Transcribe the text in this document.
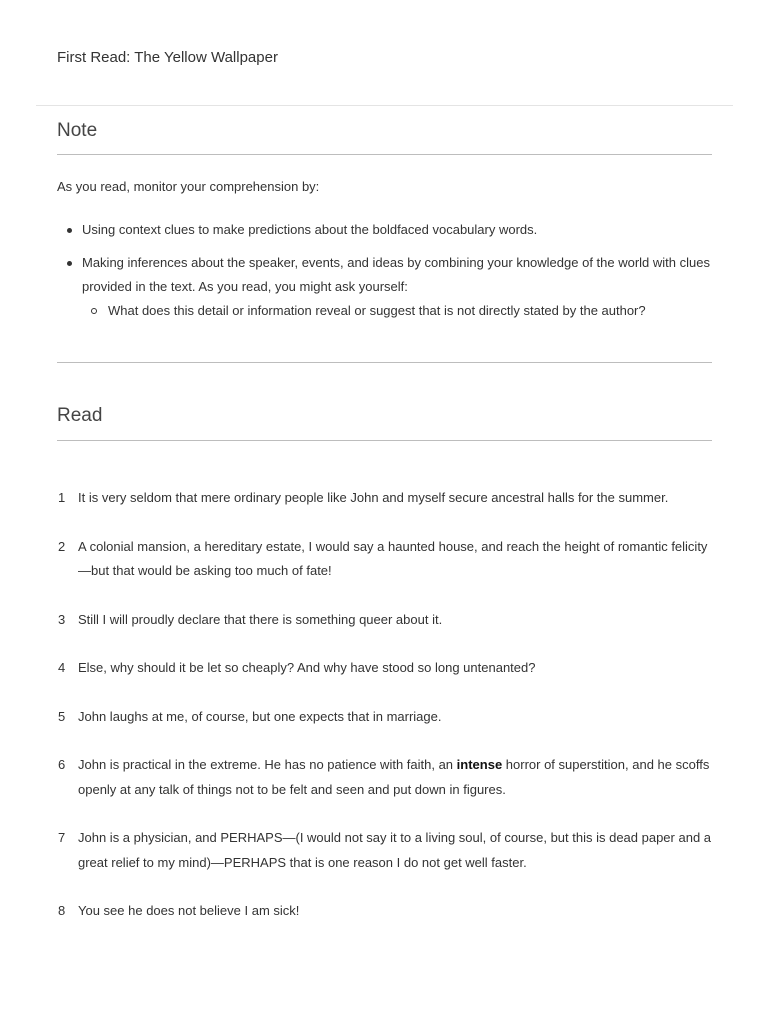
First Read: The Yellow Wallpaper
Note
As you read, monitor your comprehension by:
Using context clues to make predictions about the boldfaced vocabulary words.
Making inferences about the speaker, events, and ideas by combining your knowledge of the world with clues provided in the text. As you read, you might ask yourself:
What does this detail or information reveal or suggest that is not directly stated by the author?
Read
1 It is very seldom that mere ordinary people like John and myself secure ancestral halls for the summer.
2 A colonial mansion, a hereditary estate, I would say a haunted house, and reach the height of romantic felicity—but that would be asking too much of fate!
3 Still I will proudly declare that there is something queer about it.
4 Else, why should it be let so cheaply? And why have stood so long untenanted?
5 John laughs at me, of course, but one expects that in marriage.
6 John is practical in the extreme. He has no patience with faith, an intense horror of superstition, and he scoffs openly at any talk of things not to be felt and seen and put down in figures.
7 John is a physician, and PERHAPS—(I would not say it to a living soul, of course, but this is dead paper and a great relief to my mind)—PERHAPS that is one reason I do not get well faster.
8 You see he does not believe I am sick!
